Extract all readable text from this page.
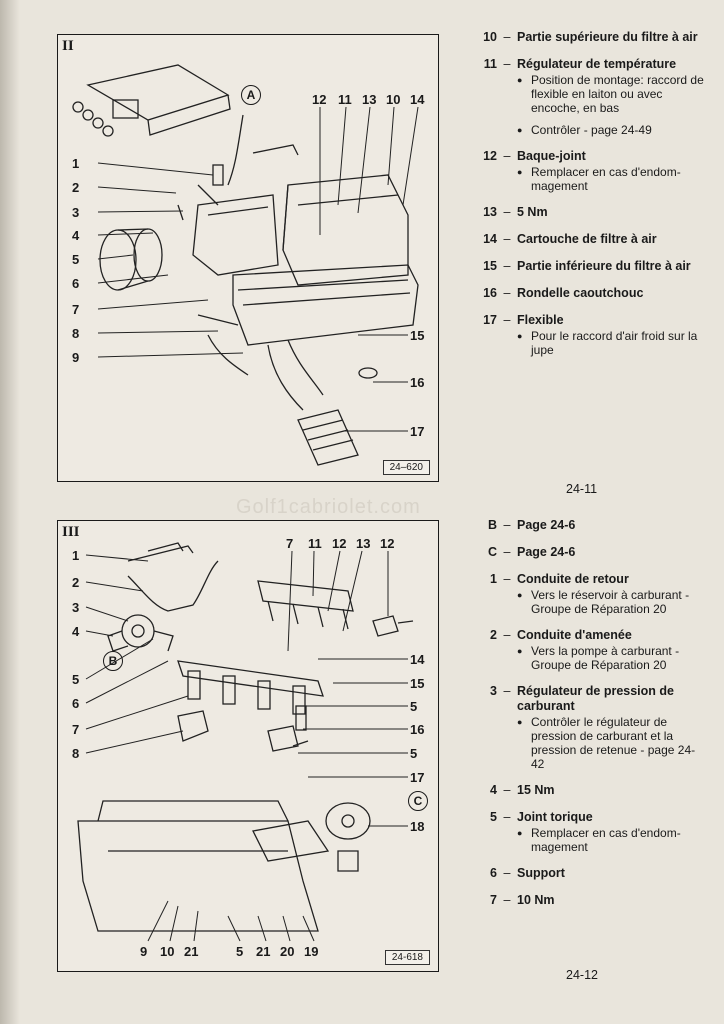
Golf1cabriolet.com
II
A
1
2
3
4
5
6
7
8
9
12 11 13 10 14
15
16
17
24–620
III
B
C
1
2
3
4
5
6
7
8
7 11 12 13 12
14
15
5
16
5
17
18
9 10 21	5 21 20 19	24-618
10 – Partie supérieure du filtre à air
11 – Régulateur de température
● Position de montage: raccord de flexible en laiton ou avec encoche, en bas
● Contrôler - page 24-49
12 – Baque-joint
● Remplacer en cas d'endom-magement
13 – 5 Nm
14 – Cartouche de filtre à air
15 – Partie inférieure du filtre à air
16 – Rondelle caoutchouc
17 – Flexible
● Pour le raccord d'air froid sur la jupe
24-11
B – Page 24-6
C – Page 24-6
1 – Conduite de retour
● Vers le réservoir à carburant - Groupe de Réparation 20
2 – Conduite d'amenée
● Vers la pompe à carburant - Groupe de Réparation 20
3 – Régulateur de pression de carburant
● Contrôler le régulateur de pression de carburant et la pression de retenue - page 24-42
4 – 15 Nm
5 – Joint torique
● Remplacer en cas d'endom-magement
6 – Support
7 – 10 Nm
24-12
